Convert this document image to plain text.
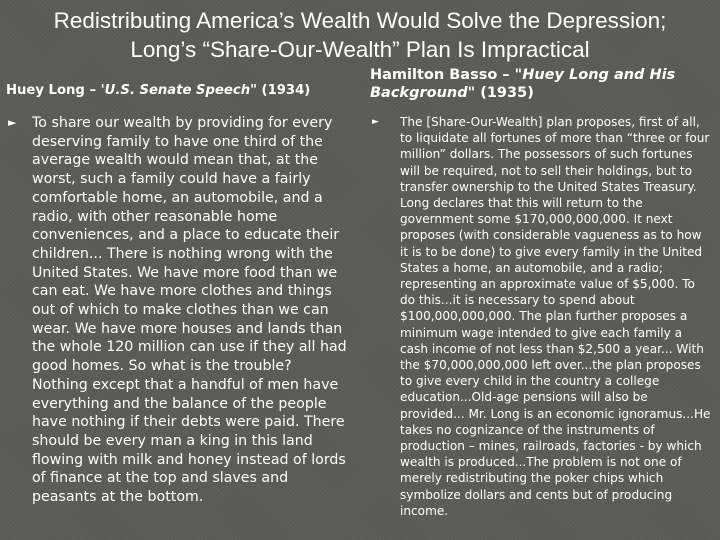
Redistributing America’s Wealth Would Solve the Depression;
Long’s “Share-Our-Wealth” Plan Is Impractical

Huey Long – 'U.S. Senate Speech" (1934)

►	To share our wealth by providing for every deserving family to have one third of the average wealth would mean that, at the worst, such a family could have a fairly comfortable home, an automobile, and a radio, with other reasonable home conveniences, and a place to educate their children... There is nothing wrong with the United States. We have more food than we can eat. We have more clothes and things out of which to make clothes than we can wear. We have more houses and lands than the whole 120 million can use if they all had good homes. So what is the trouble? Nothing except that a handful of men have everything and the balance of the people have nothing if their debts were paid. There should be every man a king in this land flowing with milk and honey instead of lords of finance at the top and slaves and peasants at the bottom.

Hamilton Basso – "Huey Long and His Background" (1935)

►	The [Share-Our-Wealth] plan proposes, first of all, to liquidate all fortunes of more than “three or four million” dollars. The possessors of such fortunes will be required, not to sell their holdings, but to transfer ownership to the United States Treasury. Long declares that this will return to the government some $170,000,000,000. It next proposes (with considerable vagueness as to how it is to be done) to give every family in the United States a home, an automobile, and a radio; representing an approximate value of $5,000. To do this...it is necessary to spend about $100,000,000,000. The plan further proposes a minimum wage intended to give each family a cash income of not less than $2,500 a year... With the $70,000,000,000 left over...the plan proposes to give every child in the country a college education...Old-age pensions will also be provided... Mr. Long is an economic ignoramus...He takes no cognizance of the instruments of production – mines, railroads, factories - by which wealth is produced...The problem is not one of merely redistributing the poker chips which symbolize dollars and cents but of producing income.
